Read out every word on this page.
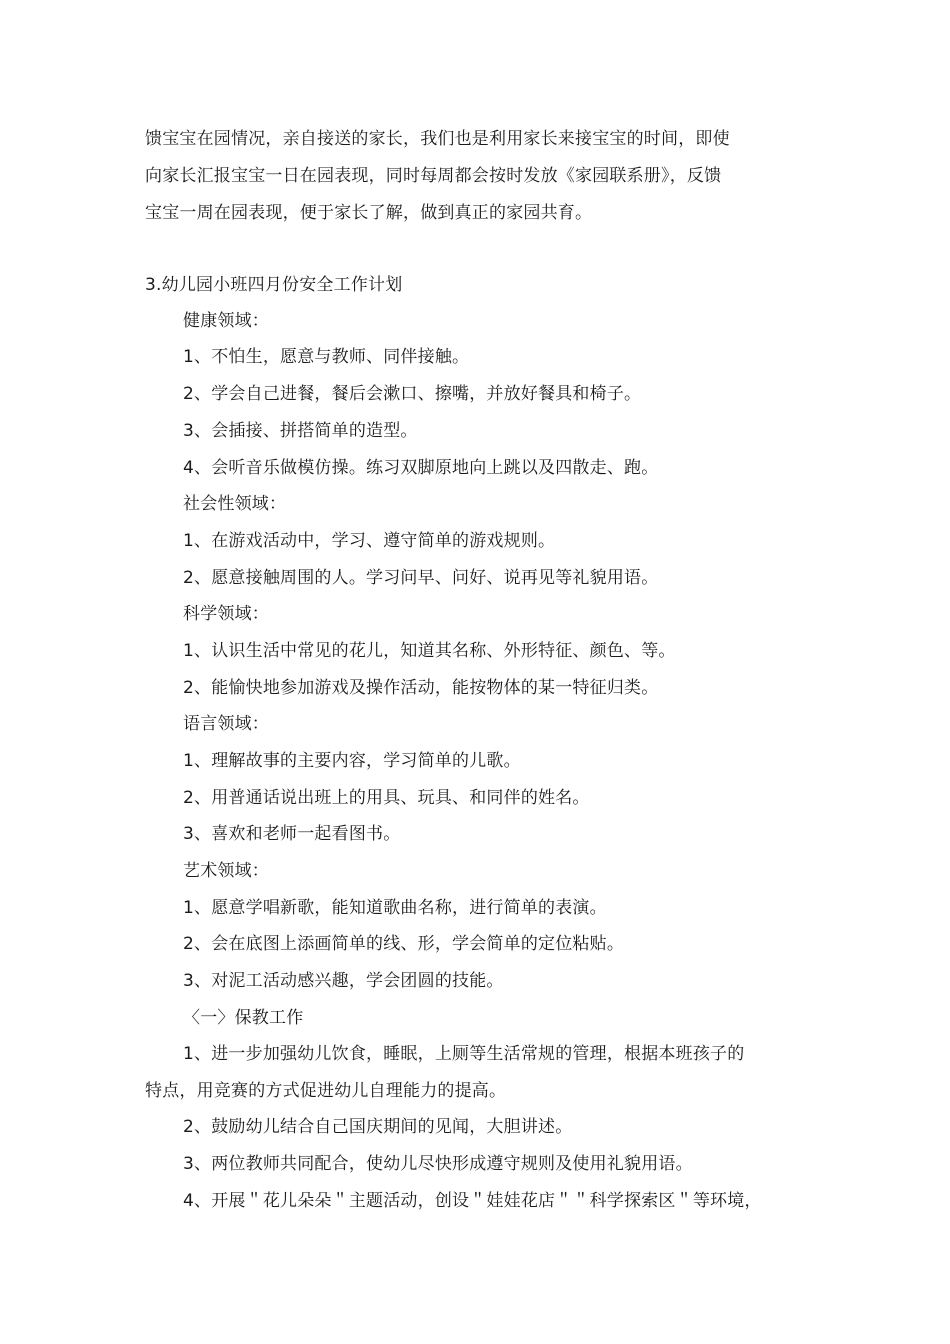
馈宝宝在园情况，亲自接送的家长，我们也是利用家长来接宝宝的时间，即使
向家长汇报宝宝一日在园表现，同时每周都会按时发放《家园联系册》，反馈
宝宝一周在园表现，便于家长了解，做到真正的家园共育。
3.幼儿园小班四月份安全工作计划
健康领域：
1、不怕生，愿意与教师、同伴接触。
2、学会自己进餐，餐后会漱口、擦嘴，并放好餐具和椅子。
3、会插接、拼搭简单的造型。
4、会听音乐做模仿操。练习双脚原地向上跳以及四散走、跑。
社会性领域：
1、在游戏活动中，学习、遵守简单的游戏规则。
2、愿意接触周围的人。学习问早、问好、说再见等礼貌用语。
科学领域：
1、认识生活中常见的花儿，知道其名称、外形特征、颜色、等。
2、能愉快地参加游戏及操作活动，能按物体的某一特征归类。
语言领域：
1、理解故事的主要内容，学习简单的儿歌。
2、用普通话说出班上的用具、玩具、和同伴的姓名。
3、喜欢和老师一起看图书。
艺术领域：
1、愿意学唱新歌，能知道歌曲名称，进行简单的表演。
2、会在底图上添画简单的线、形，学会简单的定位粘贴。
3、对泥工活动感兴趣，学会团圆的技能。
〈一〉保教工作
1、进一步加强幼儿饮食，睡眠，上厕等生活常规的管理，根据本班孩子的
特点，用竞赛的方式促进幼儿自理能力的提高。
2、鼓励幼儿结合自己国庆期间的见闻，大胆讲述。
3、两位教师共同配合，使幼儿尽快形成遵守规则及使用礼貌用语。
4、开展＂花儿朵朵＂主题活动，创设＂娃娃花店＂＂科学探索区＂等环境，
